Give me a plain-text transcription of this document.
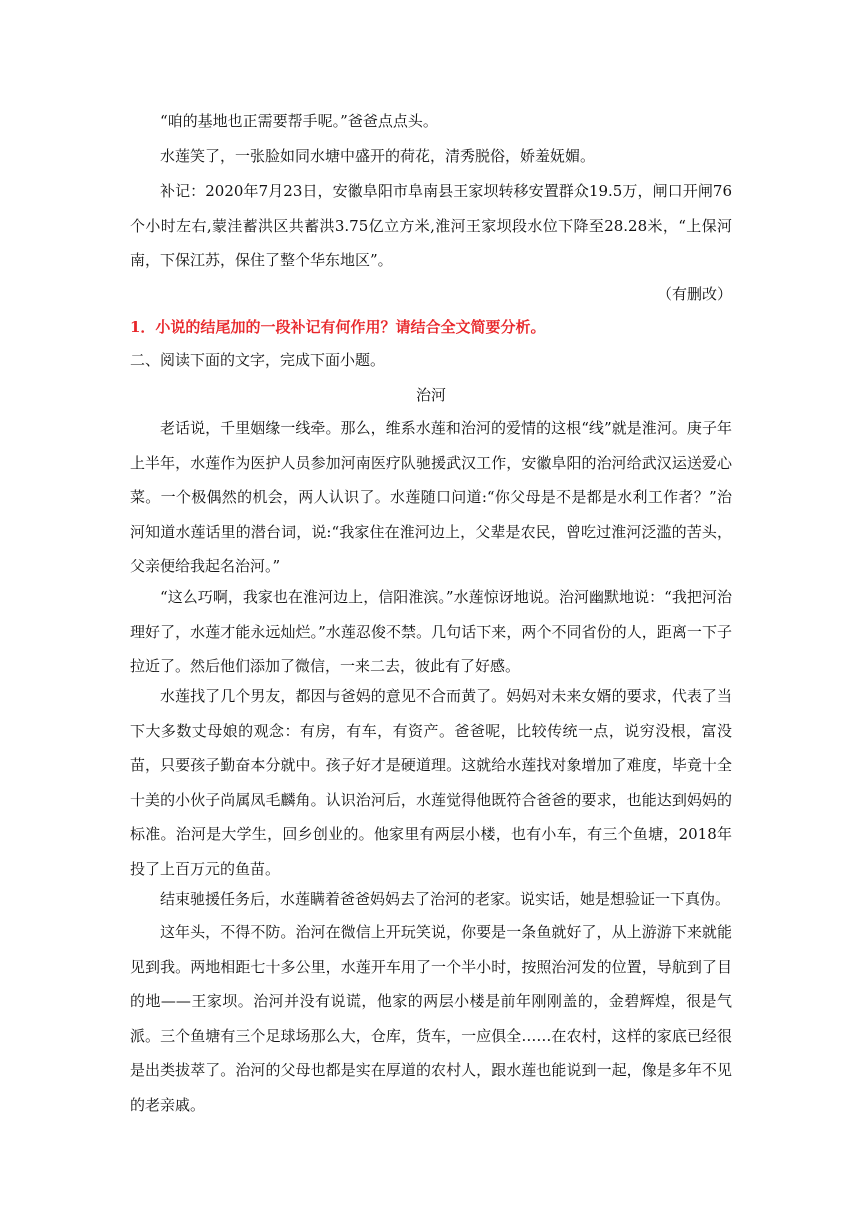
“咱的基地也正需要帮手呢。”爸爸点点头。

水莲笑了，一张脸如同水塘中盛开的荷花，清秀脱俗，娇羞妩媚。

补记：2020年7月23日，安徽阜阳市阜南县王家坝转移安置群众19.5万，闸口开闸76个小时左右,蒙洼蓄洪区共蓄洪3.75亿立方米,淮河王家坝段水位下降至28.28米，“上保河南，下保江苏，保住了整个华东地区”。

（有删改）

1．小说的结尾加的一段补记有何作用？请结合全文简要分析。

二、阅读下面的文字，完成下面小题。

治河

老话说，千里姻缘一线牵。那么，维系水莲和治河的爱情的这根“线”就是淮河。庚子年上半年，水莲作为医护人员参加河南医疗队驰援武汉工作，安徽阜阳的治河给武汉运送爱心菜。一个极偶然的机会，两人认识了。水莲随口问道:“你父母是不是都是水利工作者？”治河知道水莲话里的潜台词，说:“我家住在淮河边上，父辈是农民，曾吃过淮河泛滥的苦头，父亲便给我起名治河。”

“这么巧啊，我家也在淮河边上，信阳淮滨。”水莲惊讶地说。治河幽默地说：“我把河治理好了，水莲才能永远灿烂。”水莲忍俊不禁。几句话下来，两个不同省份的人，距离一下子拉近了。然后他们添加了微信，一来二去，彼此有了好感。

水莲找了几个男友，都因与爸妈的意见不合而黄了。妈妈对未来女婿的要求，代表了当下大多数丈母娘的观念：有房，有车，有资产。爸爸呢，比较传统一点，说穷没根，富没苗，只要孩子勤奋本分就中。孩子好才是硬道理。这就给水莲找对象增加了难度，毕竟十全十美的小伙子尚属凤毛麟角。认识治河后，水莲觉得他既符合爸爸的要求，也能达到妈妈的标准。治河是大学生，回乡创业的。他家里有两层小楼，也有小车，有三个鱼塘，2018年投了上百万元的鱼苗。

结束驰援任务后，水莲瞒着爸爸妈妈去了治河的老家。说实话，她是想验证一下真伪。

这年头，不得不防。治河在微信上开玩笑说，你要是一条鱼就好了，从上游游下来就能见到我。两地相距七十多公里，水莲开车用了一个半小时，按照治河发的位置，导航到了目的地——王家坝。治河并没有说谎，他家的两层小楼是前年刚刚盖的，金碧辉煌，很是气派。三个鱼塘有三个足球场那么大，仓库，货车，一应俱全……在农村，这样的家底已经很是出类拔萃了。治河的父母也都是实在厚道的农村人，跟水莲也能说到一起，像是多年不见的老亲戚。
